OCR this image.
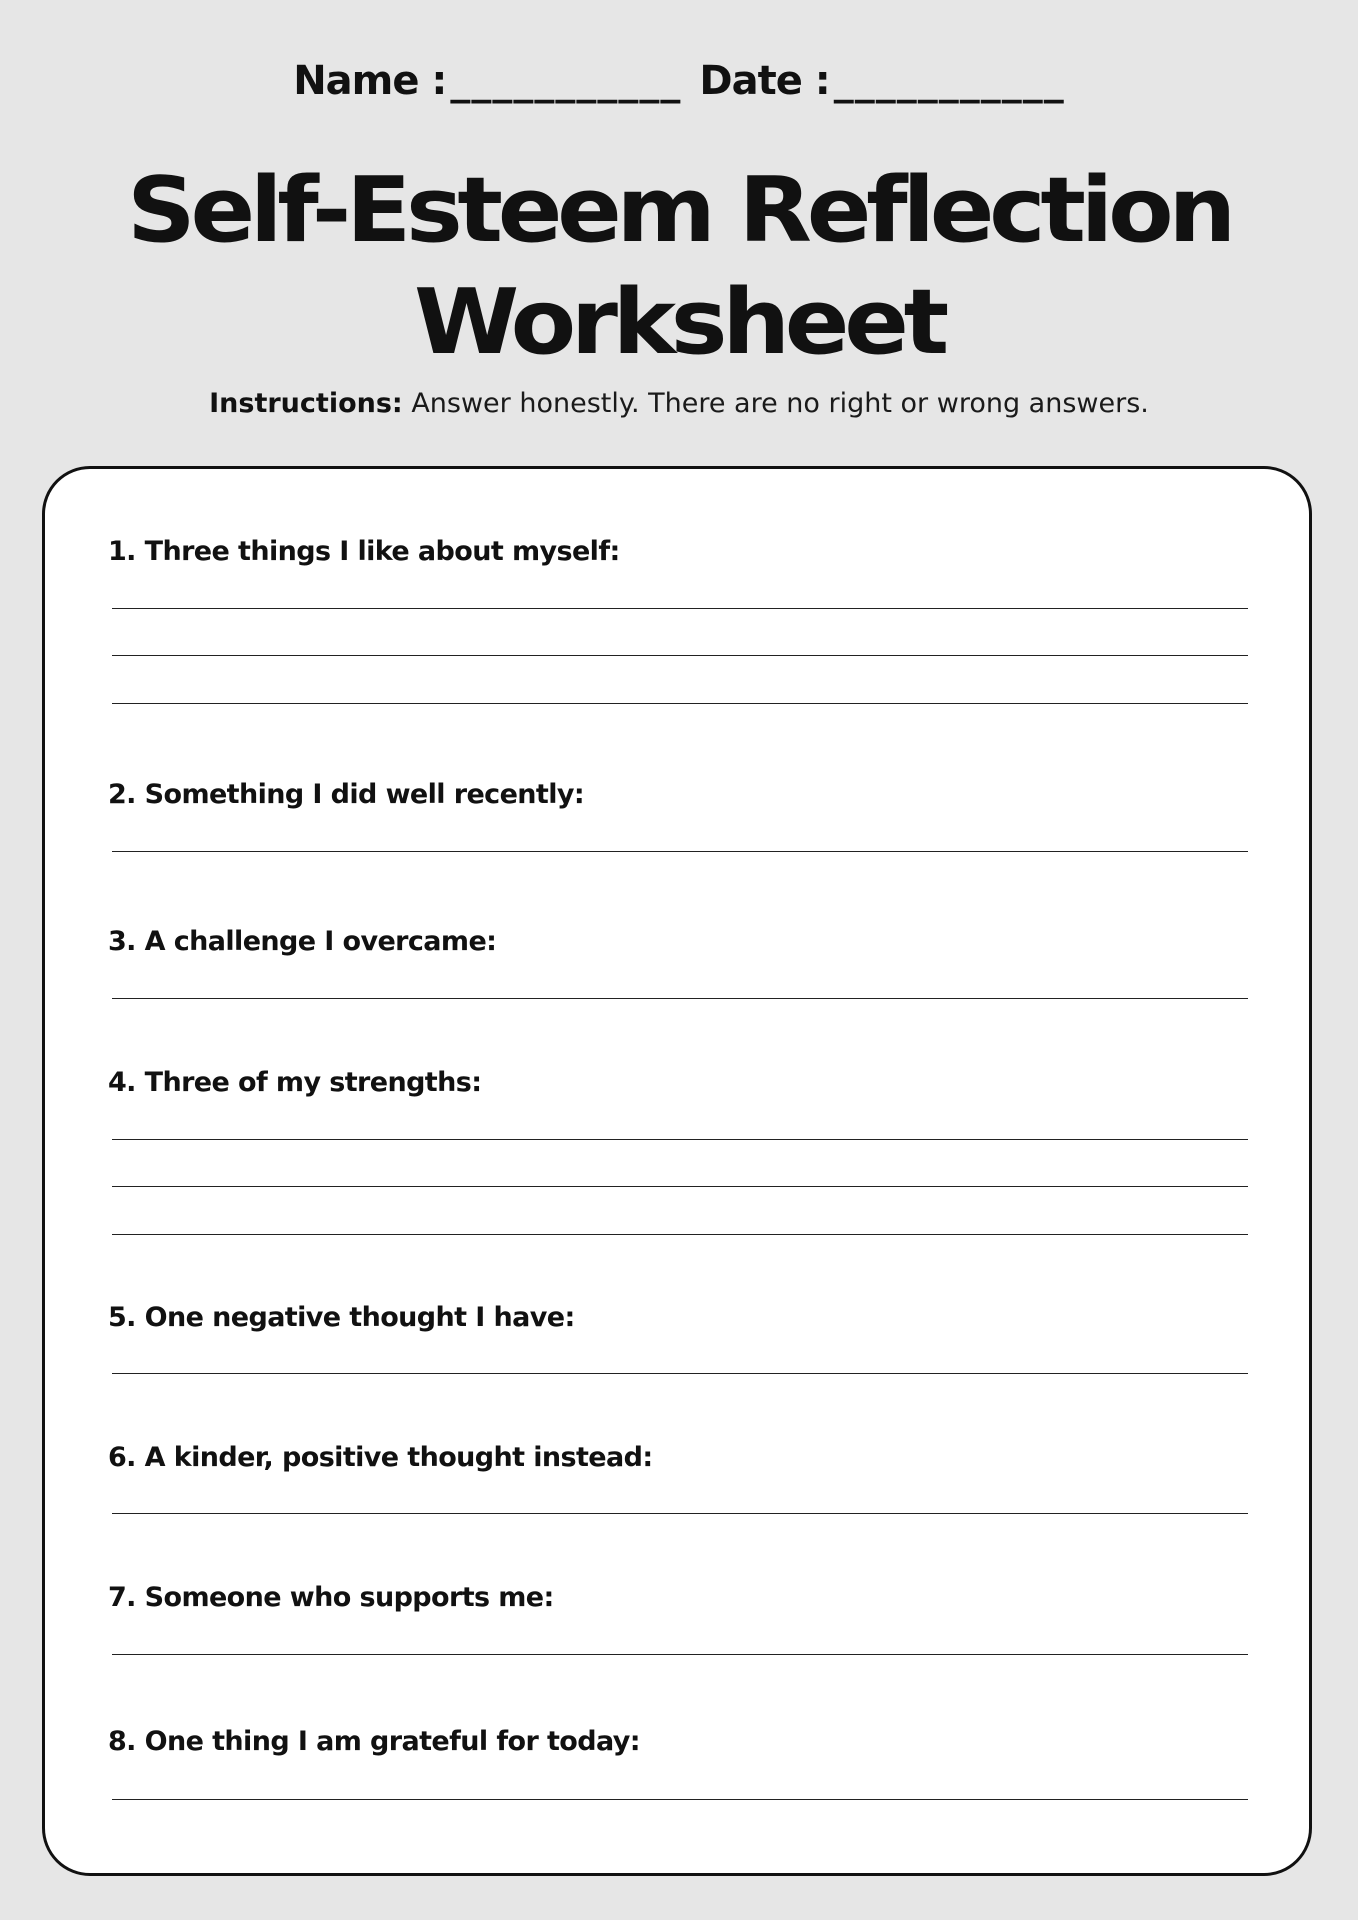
Name : ___________ Date : ___________
Self-Esteem Reflection
Worksheet
Instructions: Answer honestly. There are no right or wrong answers.
1. Three things I like about myself:
2. Something I did well recently:
3. A challenge I overcame:
4. Three of my strengths:
5. One negative thought I have:
6. A kinder, positive thought instead:
7. Someone who supports me:
8. One thing I am grateful for today:
